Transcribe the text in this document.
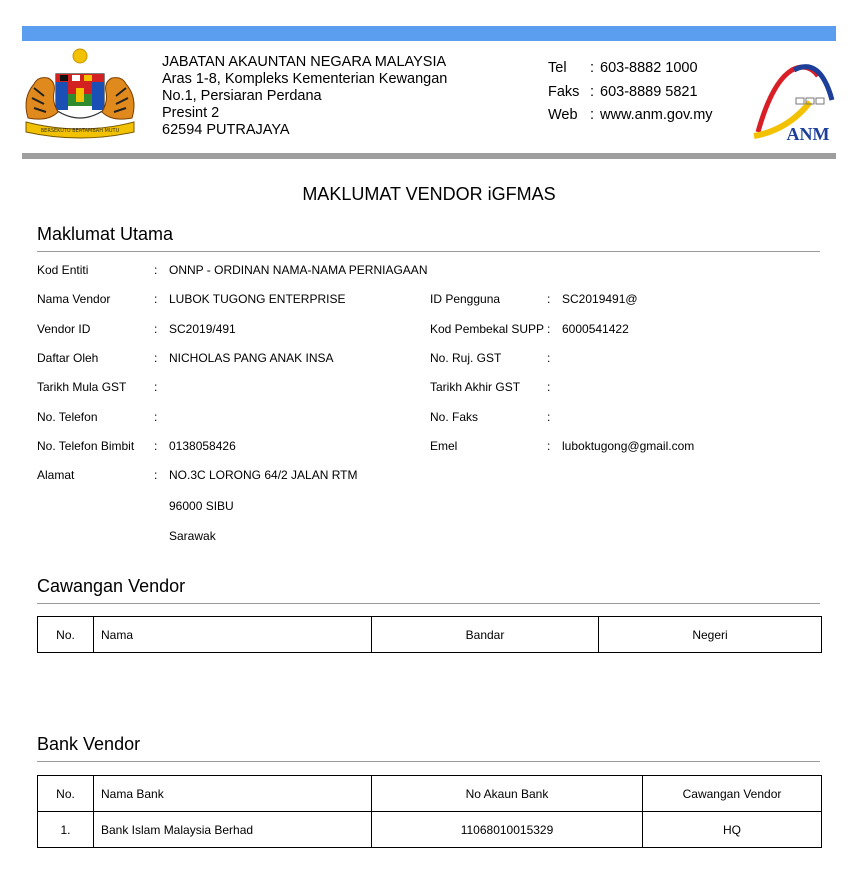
BERSEKUTU BERTAMBAH MUTU
JABATAN AKAUNTAN NEGARA MALAYSIA
Aras 1-8, Kompleks Kementerian Kewangan
No.1, Persiaran Perdana
Presint 2
62594 PUTRAJAYA
Tel	: 603-8882 1000
Faks : 603-8889 5821
Web : www.anm.gov.my
ANM
MAKLUMAT VENDOR iGFMAS
Maklumat Utama
Kod Entiti	: ONNP - ORDINAN NAMA-NAMA PERNIAGAAN
Nama Vendor	: LUBOK TUGONG ENTERPRISE
Vendor ID	: SC2019/491
Daftar Oleh	: NICHOLAS PANG ANAK INSA
Tarikh Mula GST :
No. Telefon	:
No. Telefon Bimbit : 0138058426
Alamat	: NO.3C LORONG 64/2 JALAN RTM
96000 SIBU
Sarawak
ID Pengguna	: SC2019491@
Kod Pembekal SUPP : 6000541422
No. Ruj. GST	:
Tarikh Akhir GST :
No. Faks	:
Emel	: luboktugong@gmail.com
Cawangan Vendor
No.	Nama	Bandar	Negeri
Bank Vendor
No.	Nama Bank	No Akaun Bank	Cawangan Vendor
1.	Bank Islam Malaysia Berhad	11068010015329	HQ
